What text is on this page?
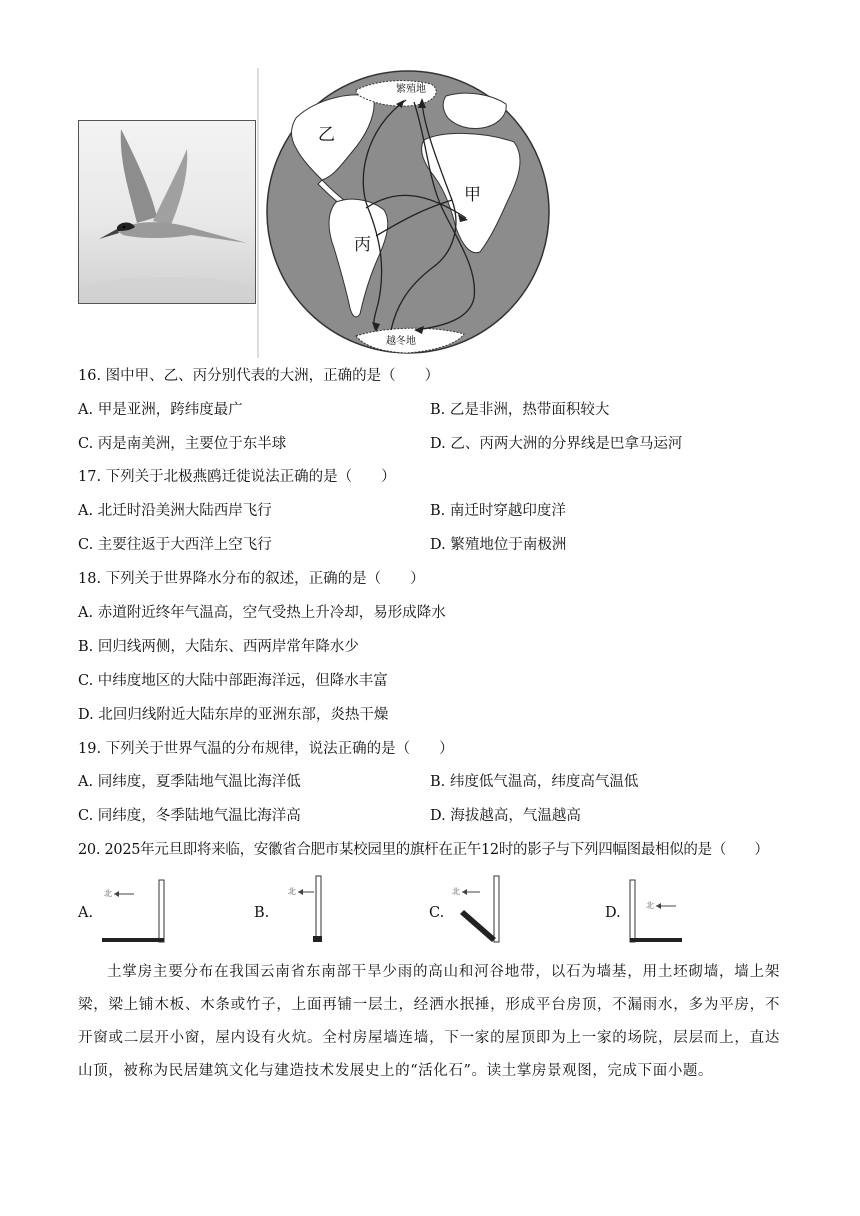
乙
甲
丙
繁殖地
越冬地
16. 图中甲、乙、丙分别代表的大洲，正确的是（　　）
A. 甲是亚洲，跨纬度最广	B. 乙是非洲，热带面积较大
C. 丙是南美洲，主要位于东半球	D. 乙、丙两大洲的分界线是巴拿马运河
17. 下列关于北极燕鸥迁徙说法正确的是（　　）
A. 北迁时沿美洲大陆西岸飞行	B. 南迁时穿越印度洋
C. 主要往返于大西洋上空飞行	D. 繁殖地位于南极洲
18. 下列关于世界降水分布的叙述，正确的是（　　）
A. 赤道附近终年气温高，空气受热上升冷却，易形成降水
B. 回归线两侧，大陆东、西两岸常年降水少
C. 中纬度地区的大陆中部距海洋远，但降水丰富
D. 北回归线附近大陆东岸的亚洲东部，炎热干燥
19. 下列关于世界气温的分布规律，说法正确的是（　　）
A. 同纬度，夏季陆地气温比海洋低	B. 纬度低气温高，纬度高气温低
C. 同纬度，冬季陆地气温比海洋高	D. 海拔越高，气温越高
20. 2025年元旦即将来临，安徽省合肥市某校园里的旗杆在正午12时的影子与下列四幅图最相似的是（　　）
A.
北
B.
北
C.
北
D.	北
土掌房主要分布在我国云南省东南部干旱少雨的高山和河谷地带，以石为墙基，用土坯砌墙，墙上架梁，梁上铺木板、木条或竹子，上面再铺一层土，经洒水抿捶，形成平台房顶，不漏雨水，多为平房，不开窗或二层开小窗，屋内设有火炕。全村房屋墙连墙，下一家的屋顶即为上一家的场院，层层而上，直达山顶，被称为民居建筑文化与建造技术发展史上的“活化石”。读土掌房景观图，完成下面小题。
